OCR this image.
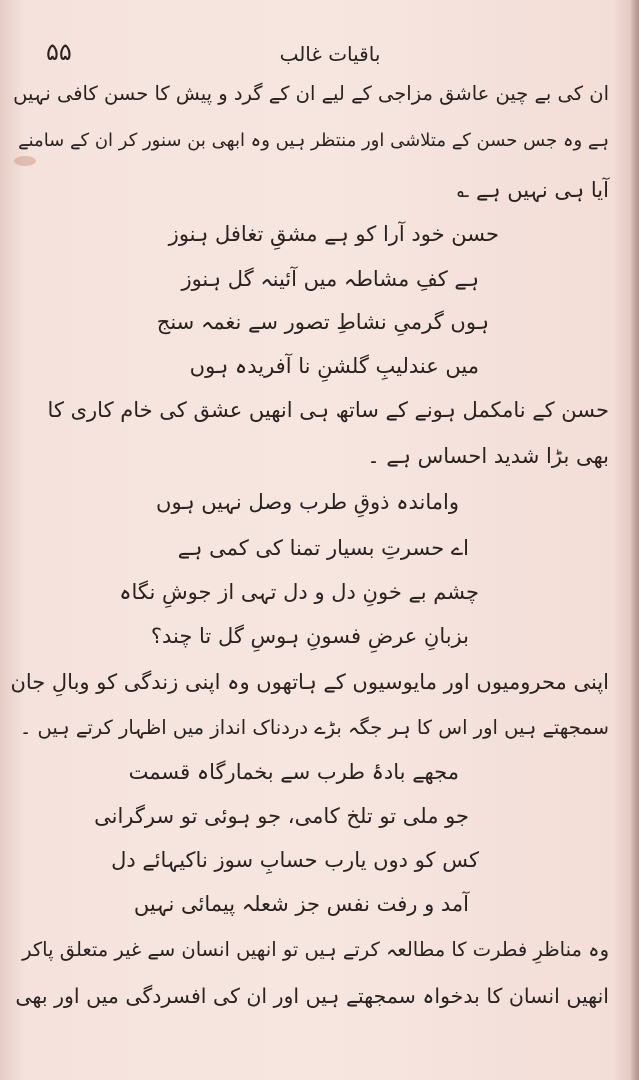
۵۵	باقیات غالب
ان کی بے چین عاشق مزاجی کے لیے ان کے گرد و پیش کا حسن کافی نہیں
ہے وہ جس حسن کے متلاشی اور منتظر ہیں وہ ابھی بن سنور کر ان کے سامنے
آیا ہی نہیں ہے ؎
حسن خود آرا کو ہے مشقِ تغافل ہنوز
ہے کفِ مشاطہ میں آئینہ گل ہنوز
ہوں گرمیِ نشاطِ تصور سے نغمہ سنج
میں عندلیبِ گلشنِ نا آفریدہ ہوں
حسن کے نامکمل ہونے کے ساتھ ہی انھیں عشق کی خام کاری کا
بھی بڑا شدید احساس ہے ۔
واماندہ ذوقِ طرب وصل نہیں ہوں
اے حسرتِ بسیار تمنا کی کمی ہے
چشم بے خونِ دل و دل تہی از جوشِ نگاہ
بزبانِ عرضِ فسونِ ہوسِ گل تا چند؟
اپنی محرومیوں اور مایوسیوں کے ہاتھوں وہ اپنی زندگی کو وبالِ جان
سمجھتے ہیں اور اس کا ہر جگہ بڑے دردناک انداز میں اظہار کرتے ہیں ۔
مجھے بادۂ طرب سے بخمارگاہ قسمت
جو ملی تو تلخ کامی، جو ہوئی تو سرگرانی
کس کو دوں یارب حسابِ سوز ناکیہائے دل
آمد و رفت نفس جز شعلہ پیمائی نہیں
وہ مناظرِ فطرت کا مطالعہ کرتے ہیں تو انھیں انسان سے غیر متعلق پاکر
انھیں انسان کا بدخواہ سمجھتے ہیں اور ان کی افسردگی میں اور بھی
